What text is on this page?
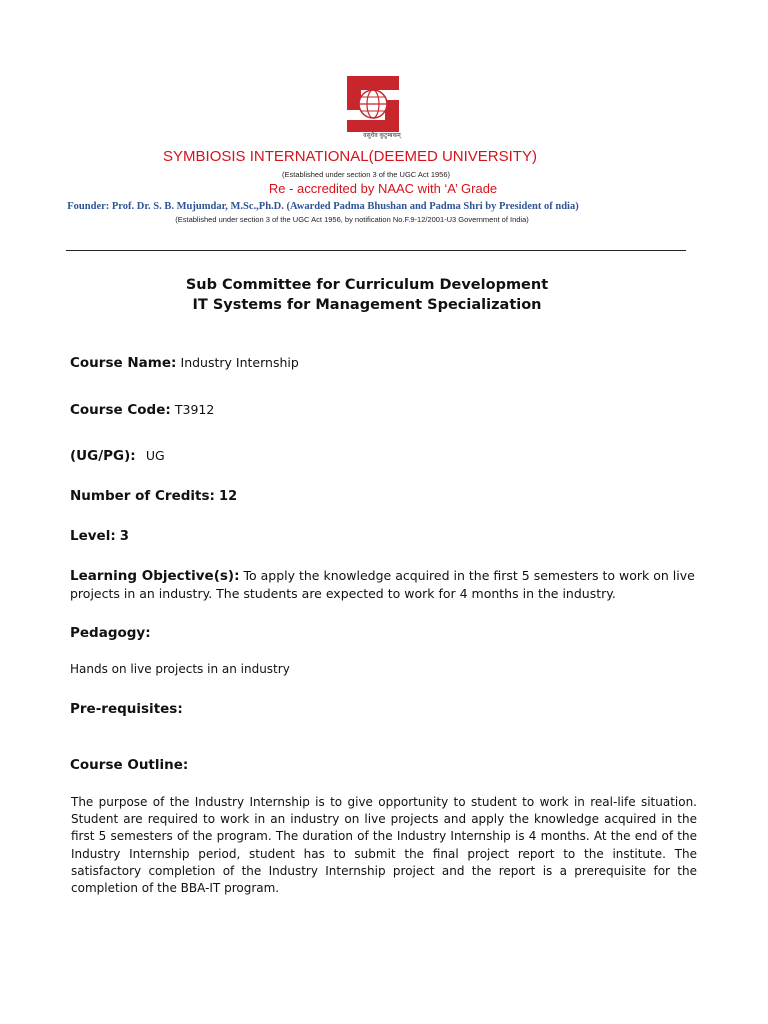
वसुधैव कुटुम्बकम्
SYMBIOSIS INTERNATIONAL(DEEMED UNIVERSITY)
(Established under section 3 of the UGC Act 1956)
Re - accredited by NAAC with ‘A’ Grade
Founder: Prof. Dr. S. B. Mujumdar, M.Sc.,Ph.D. (Awarded Padma Bhushan and Padma Shri by President of ndia)
(Established under section 3 of the UGC Act 1956, by notification No.F.9-12/2001-U3 Government of India)
Sub Committee for Curriculum Development
IT Systems for Management Specialization
Course Name: Industry Internship
Course Code: T3912
(UG/PG): UG
Number of Credits: 12
Level: 3
Learning Objective(s): To apply the knowledge acquired in the first 5 semesters to work on live projects in an industry. The students are expected to work for 4 months in the industry.
Pedagogy:
Hands on live projects in an industry
Pre-requisites:
Course Outline:
The purpose of the Industry Internship is to give opportunity to student to work in real-life situation. Student are required to work in an industry on live projects and apply the knowledge acquired in the first 5 semesters of the program. The duration of the Industry Internship is 4 months. At the end of the Industry Internship period, student has to submit the final project report to the institute. The satisfactory completion of the Industry Internship project and the report is a prerequisite for the completion of the BBA-IT program.
